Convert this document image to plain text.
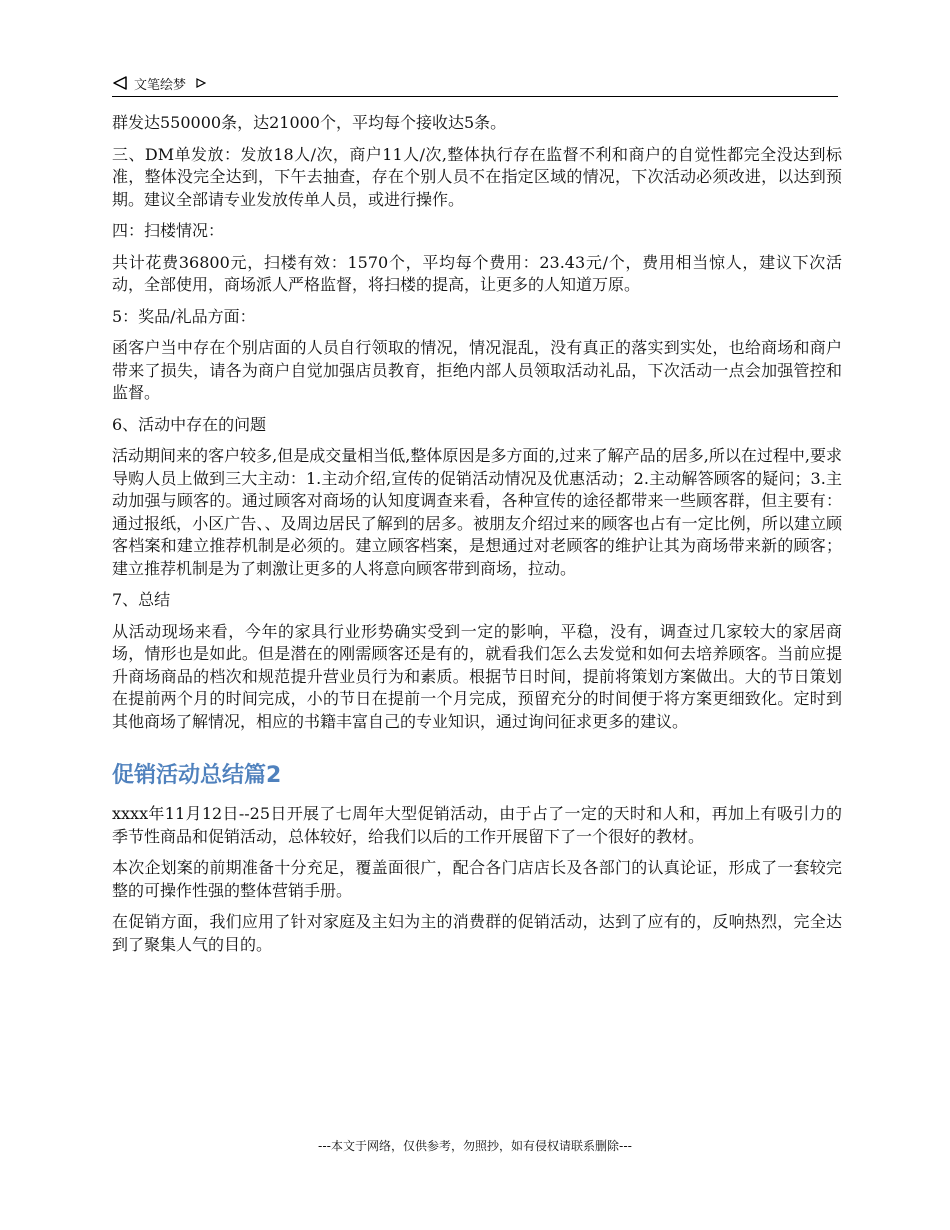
文笔绘梦

群发达550000条，达21000个，平均每个接收达5条。

三、DM单发放：发放18人/次，商户11人/次,整体执行存在监督不利和商户的自觉性都完全没达到标准，整体没完全达到，下午去抽查，存在个别人员不在指定区域的情况，下次活动必须改进，以达到预期。建议全部请专业发放传单人员，或进行操作。

四：扫楼情况：

共计花费36800元，扫楼有效：1570个，平均每个费用：23.43元/个，费用相当惊人，建议下次活动，全部使用，商场派人严格监督，将扫楼的提高，让更多的人知道万原。

5：奖品/礼品方面：

函客户当中存在个别店面的人员自行领取的情况，情况混乱，没有真正的落实到实处，也给商场和商户带来了损失，请各为商户自觉加强店员教育，拒绝内部人员领取活动礼品，下次活动一点会加强管控和监督。

6、活动中存在的问题

活动期间来的客户较多,但是成交量相当低,整体原因是多方面的,过来了解产品的居多,所以在过程中,要求导购人员上做到三大主动：1.主动介绍,宣传的促销活动情况及优惠活动；2.主动解答顾客的疑问；3.主动加强与顾客的。通过顾客对商场的认知度调查来看，各种宣传的途径都带来一些顾客群，但主要有：通过报纸，小区广告、、及周边居民了解到的居多。被朋友介绍过来的顾客也占有一定比例，所以建立顾客档案和建立推荐机制是必须的。建立顾客档案，是想通过对老顾客的维护让其为商场带来新的顾客；建立推荐机制是为了刺激让更多的人将意向顾客带到商场，拉动。

7、总结

从活动现场来看，今年的家具行业形势确实受到一定的影响，平稳，没有，调查过几家较大的家居商场，情形也是如此。但是潜在的刚需顾客还是有的，就看我们怎么去发觉和如何去培养顾客。当前应提升商场商品的档次和规范提升营业员行为和素质。根据节日时间，提前将策划方案做出。大的节日策划在提前两个月的时间完成，小的节日在提前一个月完成，预留充分的时间便于将方案更细致化。定时到其他商场了解情况，相应的书籍丰富自己的专业知识，通过询问征求更多的建议。

促销活动总结篇2

xxxx年11月12日--25日开展了七周年大型促销活动，由于占了一定的天时和人和，再加上有吸引力的季节性商品和促销活动，总体较好，给我们以后的工作开展留下了一个很好的教材。

本次企划案的前期准备十分充足，覆盖面很广，配合各门店店长及各部门的认真论证，形成了一套较完整的可操作性强的整体营销手册。

在促销方面，我们应用了针对家庭及主妇为主的消费群的促销活动，达到了应有的，反响热烈，完全达到了聚集人气的目的。

---本文于网络，仅供参考，勿照抄，如有侵权请联系删除---
